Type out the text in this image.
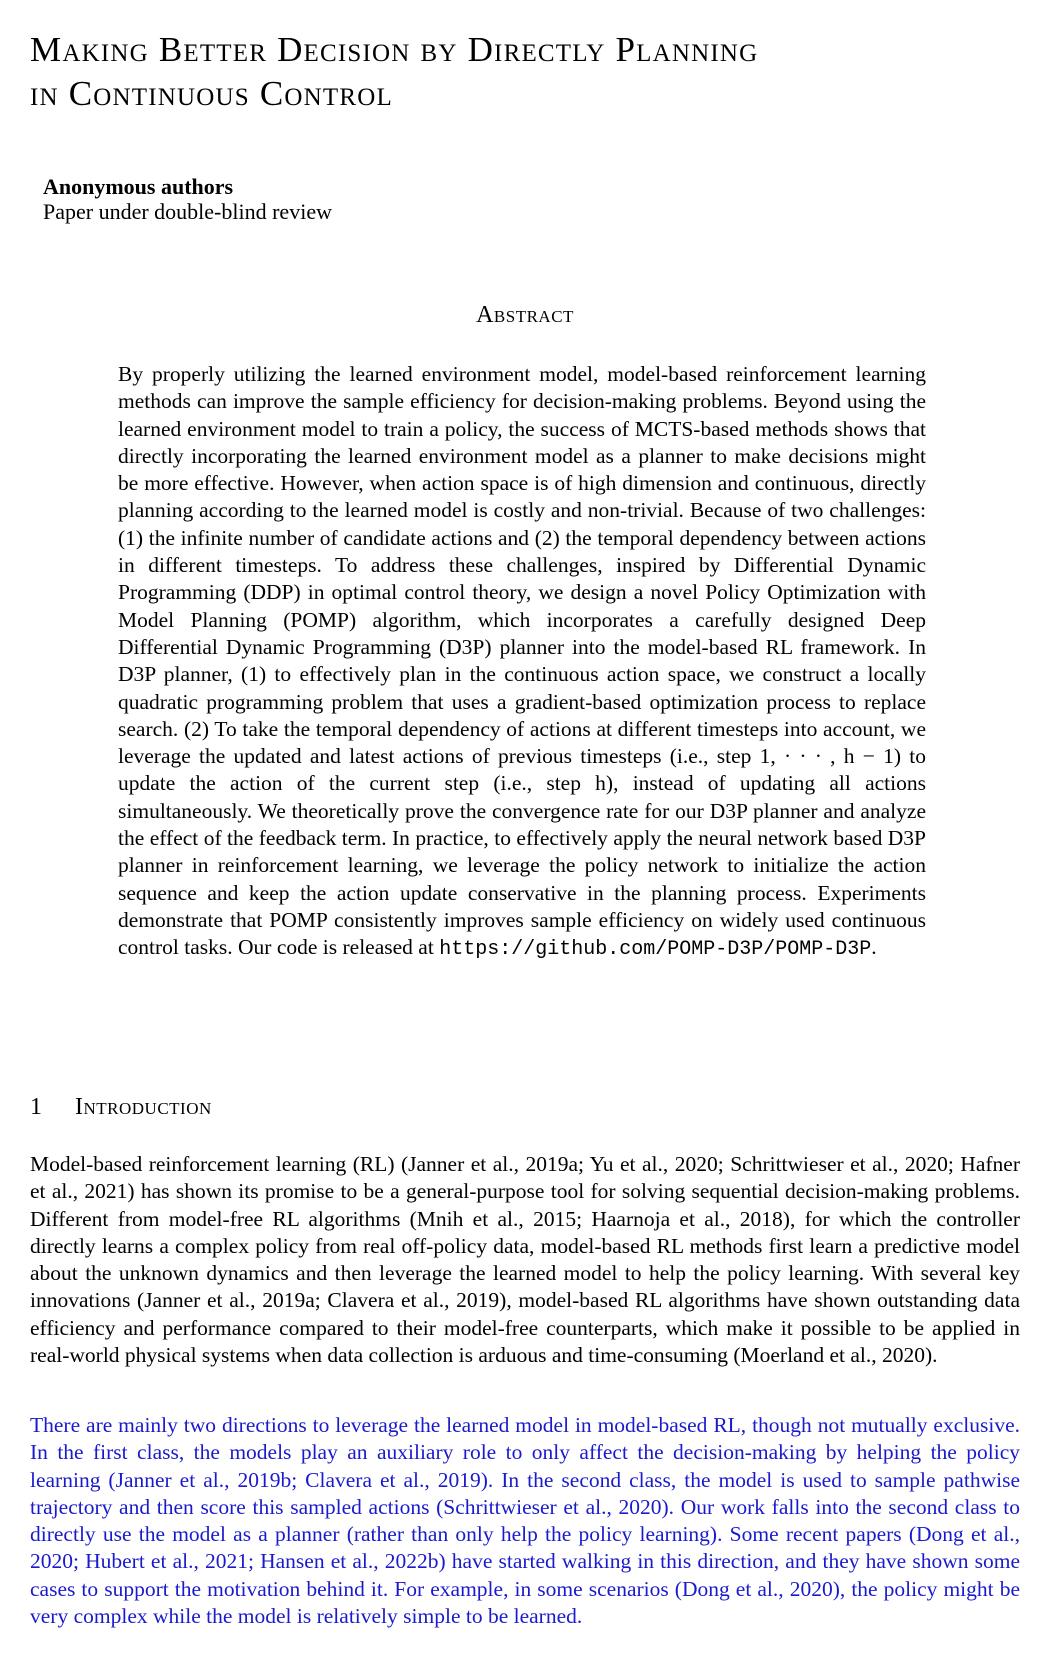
Making Better Decision by Directly Planning
in Continuous Control
Anonymous authors
Paper under double-blind review
Abstract
By properly utilizing the learned environment model, model-based reinforcement learning methods can improve the sample efficiency for decision-making problems. Beyond using the learned environment model to train a policy, the success of MCTS-based methods shows that directly incorporating the learned environment model as a planner to make decisions might be more effective. However, when action space is of high dimension and continuous, directly planning according to the learned model is costly and non-trivial. Because of two challenges: (1) the infinite number of candidate actions and (2) the temporal dependency between actions in different timesteps. To address these challenges, inspired by Differential Dynamic Programming (DDP) in optimal control theory, we design a novel Policy Optimization with Model Planning (POMP) algorithm, which incorporates a carefully designed Deep Differential Dynamic Programming (D3P) planner into the model-based RL framework. In D3P planner, (1) to effectively plan in the continuous action space, we construct a locally quadratic programming problem that uses a gradient-based optimization process to replace search. (2) To take the temporal dependency of actions at different timesteps into account, we leverage the updated and latest actions of previous timesteps (i.e., step 1, · · · , h − 1) to update the action of the current step (i.e., step h), instead of updating all actions simultaneously. We theoretically prove the convergence rate for our D3P planner and analyze the effect of the feedback term. In practice, to effectively apply the neural network based D3P planner in reinforcement learning, we leverage the policy network to initialize the action sequence and keep the action update conservative in the planning process. Experiments demonstrate that POMP consistently improves sample efficiency on widely used continuous control tasks. Our code is released at https://github.com/POMP-D3P/POMP-D3P.
1 Introduction
Model-based reinforcement learning (RL) (Janner et al., 2019a; Yu et al., 2020; Schrittwieser et al., 2020; Hafner et al., 2021) has shown its promise to be a general-purpose tool for solving sequential decision-making problems. Different from model-free RL algorithms (Mnih et al., 2015; Haarnoja et al., 2018), for which the controller directly learns a complex policy from real off-policy data, model-based RL methods first learn a predictive model about the unknown dynamics and then leverage the learned model to help the policy learning. With several key innovations (Janner et al., 2019a; Clavera et al., 2019), model-based RL algorithms have shown outstanding data efficiency and performance compared to their model-free counterparts, which make it possible to be applied in real-world physical systems when data collection is arduous and time-consuming (Moerland et al., 2020).
There are mainly two directions to leverage the learned model in model-based RL, though not mutually exclusive. In the first class, the models play an auxiliary role to only affect the decision-making by helping the policy learning (Janner et al., 2019b; Clavera et al., 2019). In the second class, the model is used to sample pathwise trajectory and then score this sampled actions (Schrittwieser et al., 2020). Our work falls into the second class to directly use the model as a planner (rather than only help the policy learning). Some recent papers (Dong et al., 2020; Hubert et al., 2021; Hansen et al., 2022b) have started walking in this direction, and they have shown some cases to support the motivation behind it. For example, in some scenarios (Dong et al., 2020), the policy might be very complex while the model is relatively simple to be learned.
